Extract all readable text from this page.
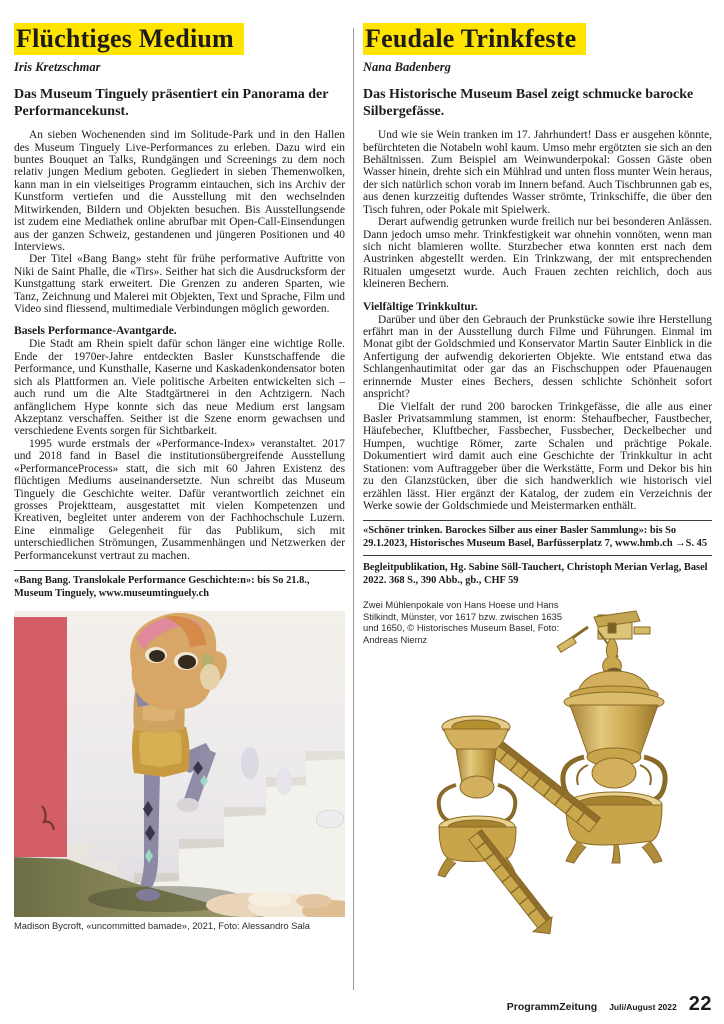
Flüchtiges Medium
Iris Kretzschmar
Das Museum Tinguely präsentiert ein Panorama der Performancekunst.

An sieben Wochenenden sind im Solitude-Park und in den Hallen des Museum Tinguely Live-Performances zu erleben. Dazu wird ein buntes Bouquet an Talks, Rundgängen und Screenings zu dem noch relativ jungen Medium geboten. Gegliedert in sieben Themenwolken, kann man in ein vielseitiges Programm eintauchen, sich ins Archiv der Kunstform vertiefen und die Ausstellung mit den wechselnden Mitwirkenden, Bildern und Objekten besuchen. Bis Ausstellungsende ist zudem eine Mediathek online abrufbar mit Open-Call-Einsendungen aus der ganzen Schweiz, gestandenen und jüngeren Positionen und 40 Interviews.

Der Titel «Bang Bang» steht für frühe performative Auftritte von Niki de Saint Phalle, die «Tirs». Seither hat sich die Ausdrucksform der Kunstgattung stark erweitert. Die Grenzen zu anderen Sparten, wie Tanz, Zeichnung und Malerei mit Objekten, Text und Sprache, Film und Video sind fliessend, multimediale Verbindungen möglich geworden.

Basels Performance-Avantgarde.

Die Stadt am Rhein spielt dafür schon länger eine wichtige Rolle. Ende der 1970er-Jahre entdeckten Basler Kunstschaffende die Performance, und Kunsthalle, Kaserne und Kaskadenkondensator boten sich als Plattformen an. Viele politische Arbeiten entwickelten sich – auch rund um die Alte Stadtgärtnerei in den Achtzigern. Nach anfänglichem Hype konnte sich das neue Medium erst langsam Akzeptanz verschaffen. Seither ist die Szene enorm gewachsen und verschiedene Events sorgen für Sichtbarkeit.

1995 wurde erstmals der «Performance-Index» veranstaltet. 2017 und 2018 fand in Basel die institutionsübergreifende Ausstellung «PerformanceProcess» statt, die sich mit 60 Jahren Existenz des flüchtigen Mediums auseinandersetzte. Nun schreibt das Museum Tinguely die Geschichte weiter. Dafür verantwortlich zeichnet ein grosses Projektteam, ausgestattet mit vielen Kompetenzen und Kreativen, begleitet unter anderem von der Fachhochschule Luzern. Eine einmalige Gelegenheit für das Publikum, sich mit unterschiedlichen Strömungen, Zusammenhängen und Netzwerken der Performancekunst vertraut zu machen.

«Bang Bang. Translokale Performance Geschichte:n»: bis So 21.8., Museum Tinguely, www.museumtinguely.ch
Madison Bycroft, «uncommitted bamade», 2021, Foto: Alessandro Sala
Feudale Trinkfeste
Nana Badenberg
Das Historische Museum Basel zeigt schmucke barocke Silbergefässe.

Und wie sie Wein tranken im 17. Jahrhundert! Dass er ausgehen könnte, befürchteten die Notabeln wohl kaum. Umso mehr ergötzten sie sich an den Behältnissen. Zum Beispiel am Weinwunderpokal: Gossen Gäste oben Wasser hinein, drehte sich ein Mühlrad und unten floss munter Wein heraus, der sich natürlich schon vorab im Innern befand. Auch Tischbrunnen gab es, aus denen kurzzeitig duftendes Wasser strömte, Trinkschiffe, die über den Tisch fuhren, oder Pokale mit Spielwerk.

Derart aufwendig getrunken wurde freilich nur bei besonderen Anlässen. Dann jedoch umso mehr. Trinkfestigkeit war ohnehin vonnöten, wenn man sich nicht blamieren wollte. Sturzbecher etwa konnten erst nach dem Austrinken abgestellt werden. Ein Trinkzwang, der mit entsprechenden Ritualen umgesetzt wurde. Auch Frauen zechten reichlich, doch aus kleineren Bechern.

Vielfältige Trinkkultur.

Darüber und über den Gebrauch der Prunkstücke sowie ihre Herstellung erfährt man in der Ausstellung durch Filme und Führungen. Einmal im Monat gibt der Goldschmied und Konservator Martin Sauter Einblick in die Anfertigung der aufwendig dekorierten Objekte. Wie entstand etwa das Schlangenhautimitat oder gar das an Fischschuppen oder Pfauenaugen erinnernde Muster eines Bechers, dessen schlichte Schönheit sofort anspricht?

Die Vielfalt der rund 200 barocken Trinkgefässe, die alle aus einer Basler Privatsammlung stammen, ist enorm: Stehaufbecher, Faustbecher, Häufebecher, Kluftbecher, Fassbecher, Fussbecher, Deckelbecher und Humpen, wuchtige Römer, zarte Schalen und prächtige Pokale. Dokumentiert wird damit auch eine Geschichte der Trinkkultur in acht Stationen: vom Auftraggeber über die Werkstätte, Form und Dekor bis hin zu den Glanzstücken, über die sich handwerklich wie historisch viel erzählen lässt. Hier ergänzt der Katalog, der zudem ein Verzeichnis der Werke sowie der Goldschmiede und Meistermarken enthält.

«Schöner trinken. Barockes Silber aus einer Basler Sammlung»: bis So 29.1.2023, Historisches Museum Basel, Barfüsserplatz 7, www.hmb.ch →S. 45
Begleitpublikation, Hg. Sabine Söll-Tauchert, Christoph Merian Verlag, Basel 2022. 368 S., 390 Abb., gb., CHF 59
Zwei Mühlenpokale von Hans Hoese und Hans Stilkindt, Münster, vor 1617 bzw. zwischen 1635 und 1650, © Historisches Museum Basel, Foto: Andreas Niemz
ProgrammZeitung Juli/August 2022 22
